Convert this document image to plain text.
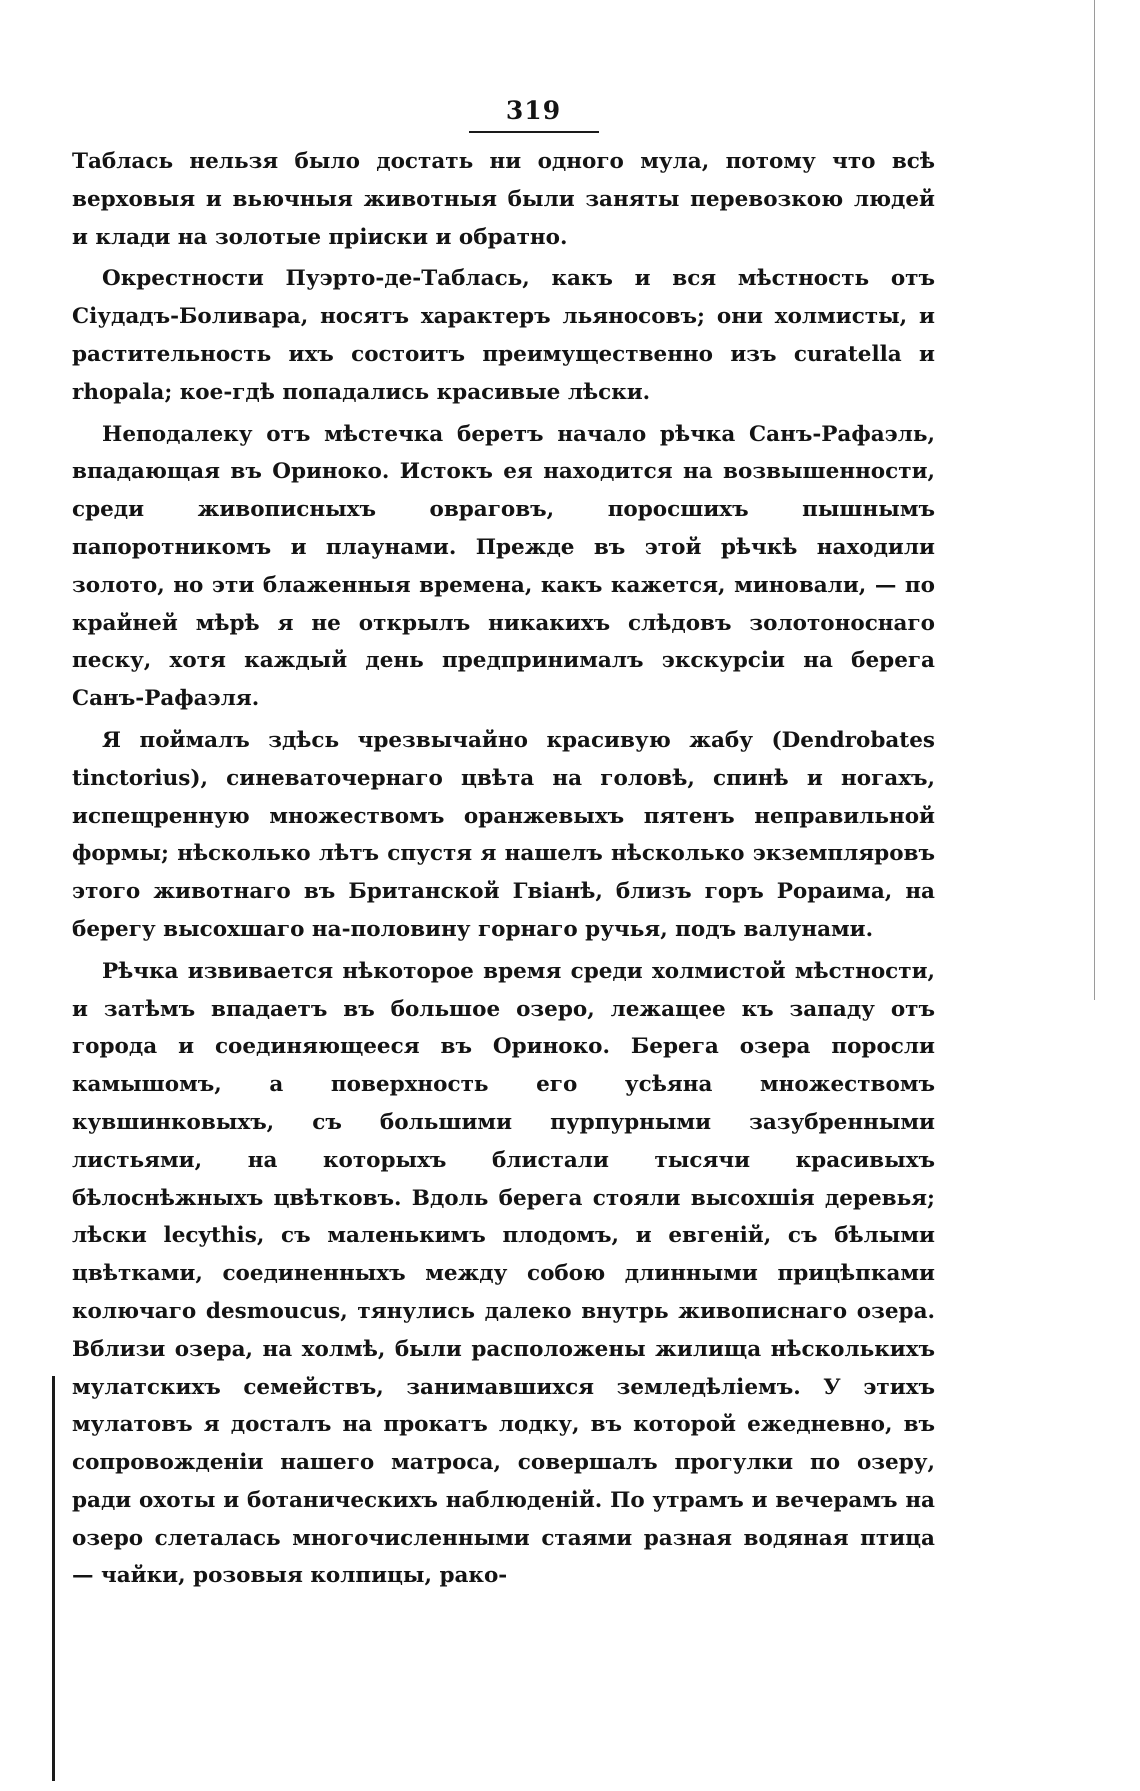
319

Таблась нельзя было достать ни одного мула, потому что всѣ верховыя и вьючныя животныя были заняты перевозкою людей и клади на золотые пріиски и обратно.

Окрестности Пуэрто-де-Таблась, какъ и вся мѣстность отъ Сіудадъ-Боливара, носятъ характеръ льяносовъ; они холмисты, и растительность ихъ состоитъ преимущественно изъ curatella и rhopala; кое-гдѣ попадались красивые лѣски.

Неподалеку отъ мѣстечка беретъ начало рѣчка Санъ-Рафаэль, впадающая въ Ориноко. Истокъ ея находится на возвышенности, среди живописныхъ овраговъ, поросшихъ пышнымъ папоротникомъ и плаунами. Прежде въ этой рѣчкѣ находили золото, но эти блаженныя времена, какъ кажется, миновали, — по крайней мѣрѣ я не открылъ никакихъ слѣдовъ золотоноснаго песку, хотя каждый день предпринималъ экскурсіи на берега Санъ-Рафаэля.

Я поймалъ здѣсь чрезвычайно красивую жабу (Dendrobates tinctorius), синеваточернаго цвѣта на головѣ, спинѣ и ногахъ, испещренную множествомъ оранжевыхъ пятенъ неправильной формы; нѣсколько лѣтъ спустя я нашелъ нѣсколько экземпляровъ этого животнаго въ Британской Гвіанѣ, близъ горъ Рораима, на берегу высохшаго на-половину горнаго ручья, подъ валунами.

Рѣчка извивается нѣкоторое время среди холмистой мѣстности, и затѣмъ впадаетъ въ большое озеро, лежащее къ западу отъ города и соединяющееся въ Ориноко. Берега озера поросли камышомъ, а поверхность его усѣяна множествомъ кувшинковыхъ, съ большими пурпурными зазубренными листьями, на которыхъ блистали тысячи красивыхъ бѣлоснѣжныхъ цвѣтковъ. Вдоль берега стояли высохшія деревья; лѣски lecythis, съ маленькимъ плодомъ, и евгеній, съ бѣлыми цвѣтками, соединенныхъ между собою длинными прицѣпками колючаго desmoucus, тянулись далеко внутрь живописнаго озера. Вблизи озера, на холмѣ, были расположены жилища нѣсколькихъ мулатскихъ семействъ, занимавшихся земледѣліемъ. У этихъ мулатовъ я досталъ на прокатъ лодку, въ которой ежедневно, въ сопровожденіи нашего матроса, совершалъ прогулки по озеру, ради охоты и ботаническихъ наблюденій. По утрамъ и вечерамъ на озеро слеталась многочисленными стаями разная водяная птица — чайки, розовыя колпицы, рако-
